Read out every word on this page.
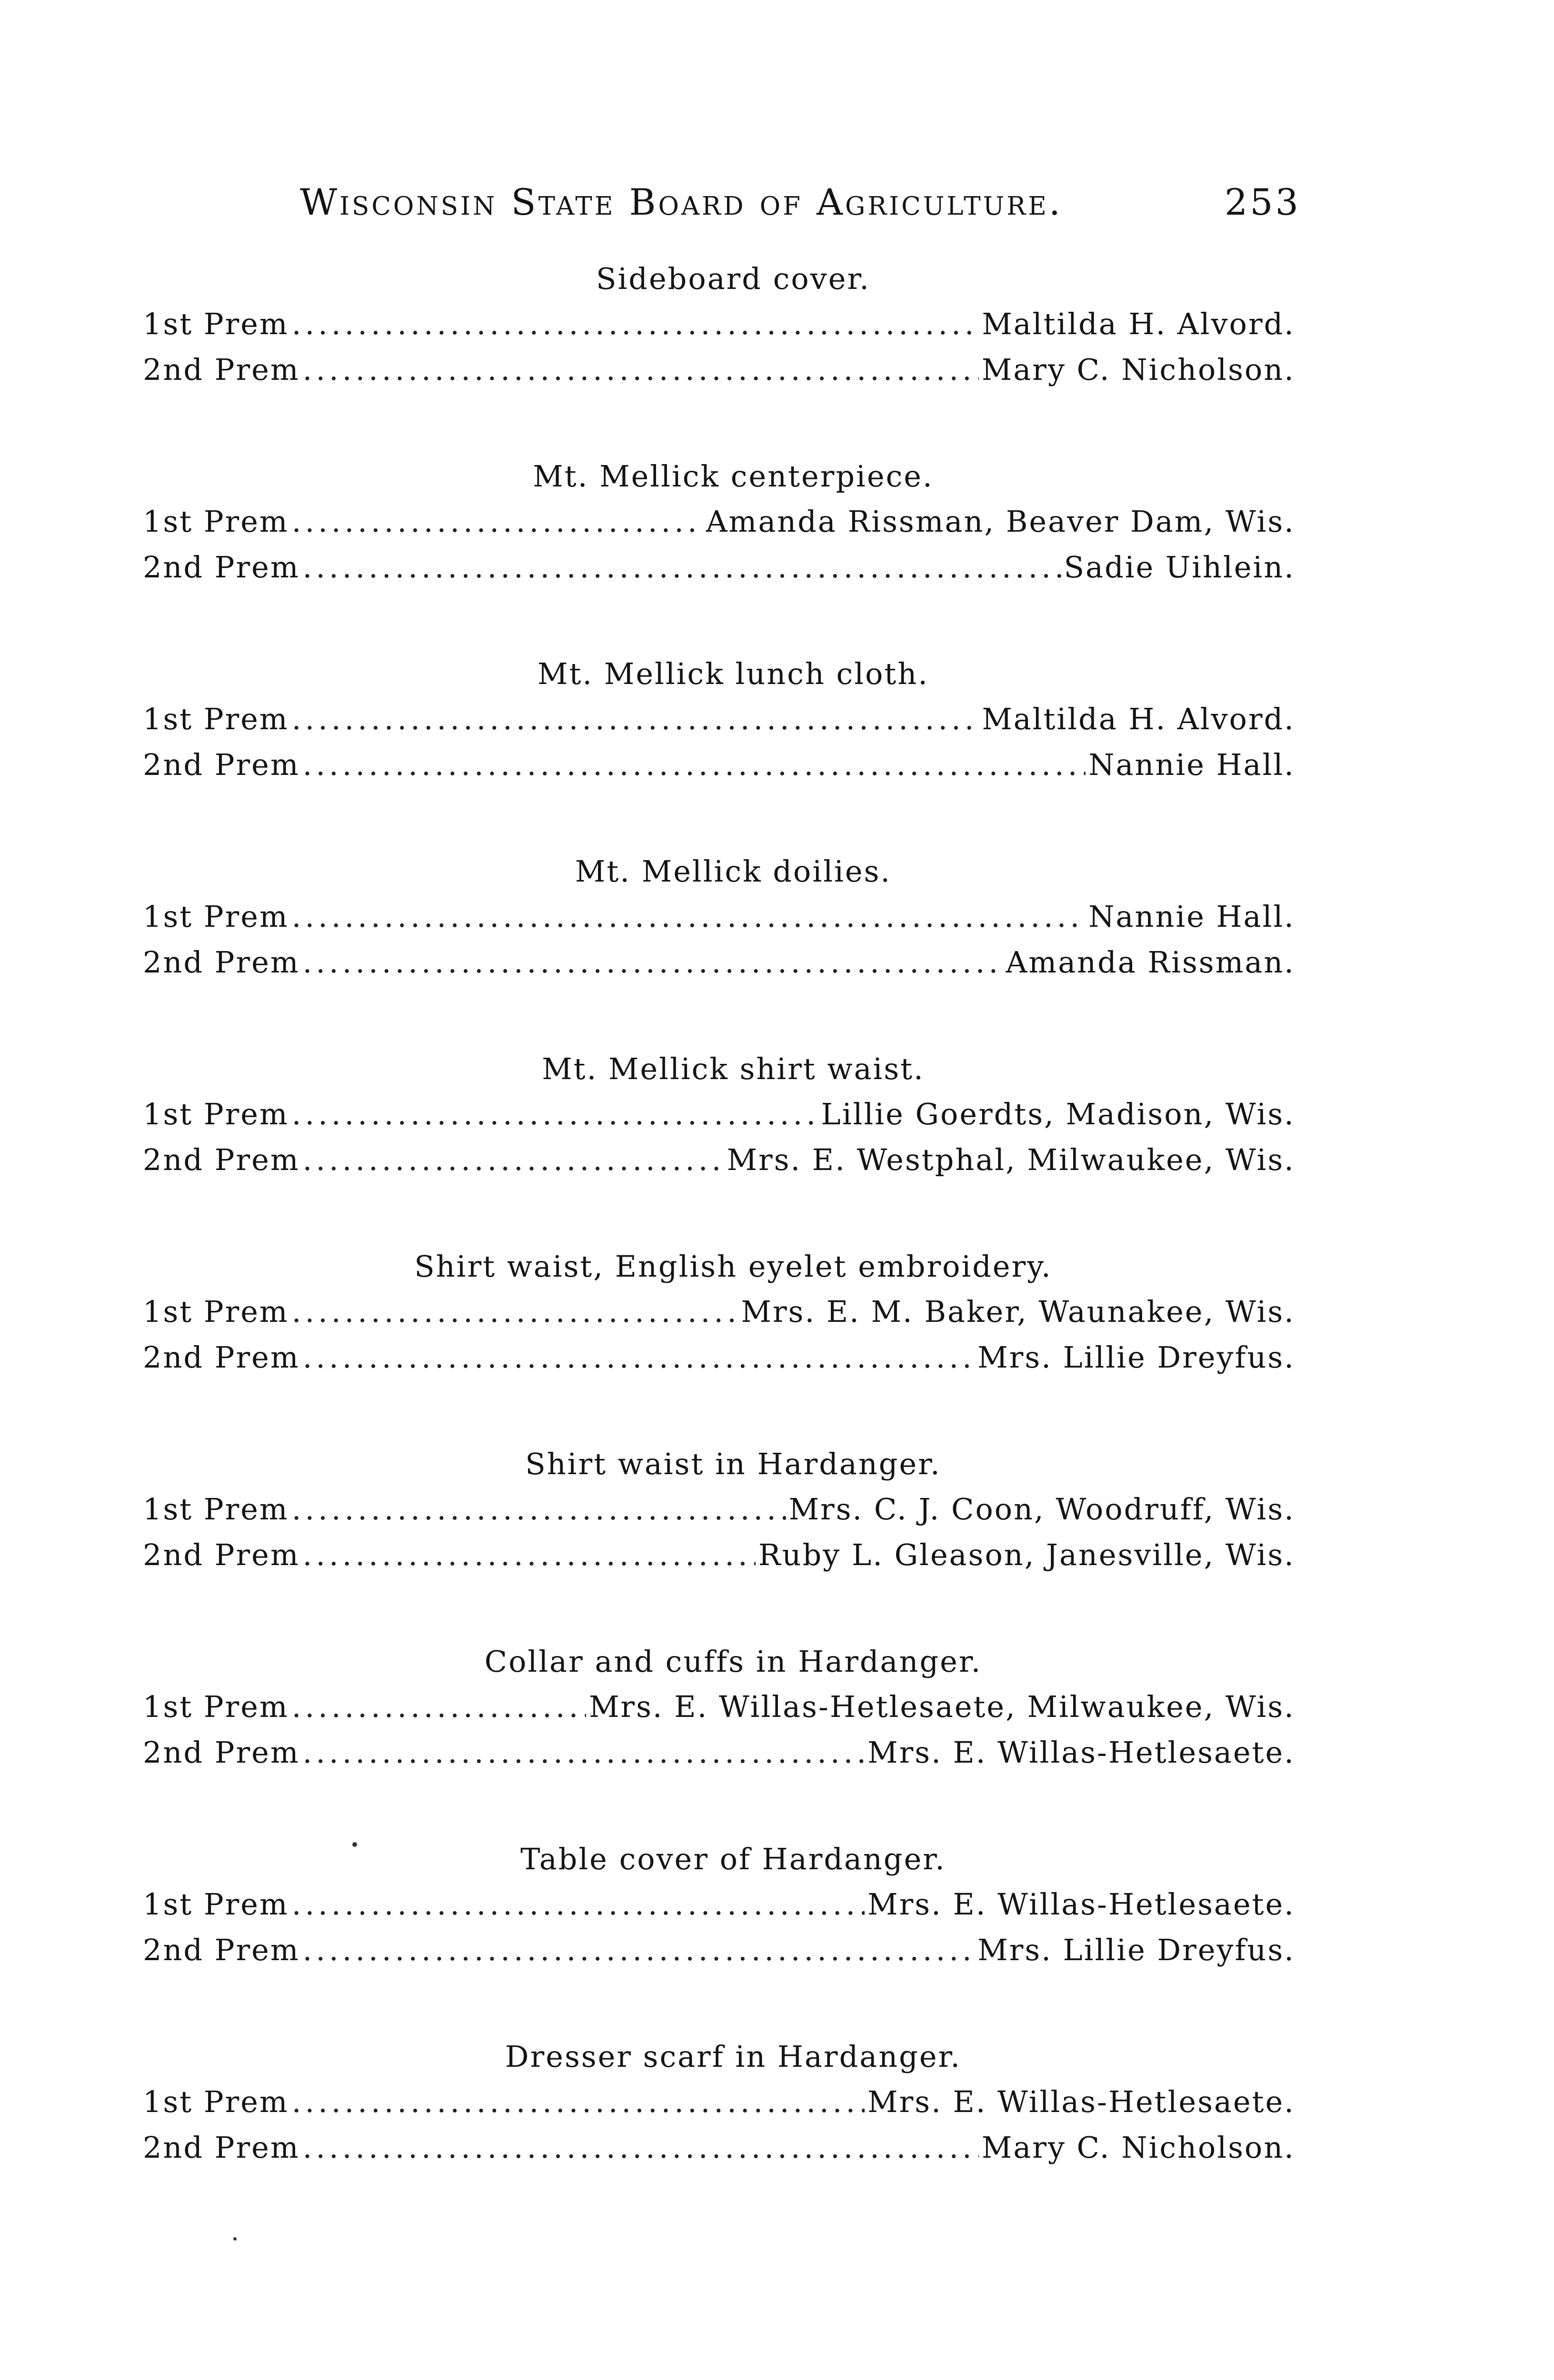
Wisconsin State Board of Agriculture.	253
Sideboard cover.
1st Prem .....	Maltilda H. Alvord.
2nd Prem .....	Mary C. Nicholson.
Mt. Mellick centerpiece.
1st Prem .....	Amanda Rissman, Beaver Dam, Wis.
2nd Prem .....	Sadie Uihlein.
Mt. Mellick lunch cloth.
1st Prem .....	Maltilda H. Alvord.
2nd Prem .....	Nannie Hall.
Mt. Mellick doilies.
1st Prem .....	Nannie Hall.
2nd Prem .....	Amanda Rissman.
Mt. Mellick shirt waist.
1st Prem .....	Lillie Goerdts, Madison, Wis.
2nd Prem .....	Mrs. E. Westphal, Milwaukee, Wis.
Shirt waist, English eyelet embroidery.
1st Prem .....	Mrs. E. M. Baker, Waunakee, Wis.
2nd Prem .....	Mrs. Lillie Dreyfus.
Shirt waist in Hardanger.
1st Prem .....	Mrs. C. J. Coon, Woodruff, Wis.
2nd Prem .....	Ruby L. Gleason, Janesville, Wis.
Collar and cuffs in Hardanger.
1st Prem .....	Mrs. E. Willas-Hetlesaete, Milwaukee, Wis.
2nd Prem .....	Mrs. E. Willas-Hetlesaete.
Table cover of Hardanger.
1st Prem .....	Mrs. E. Willas-Hetlesaete.
2nd Prem .....	Mrs. Lillie Dreyfus.
Dresser scarf in Hardanger.
1st Prem .....	Mrs. E. Willas-Hetlesaete.
2nd Prem .....	Mary C. Nicholson.
